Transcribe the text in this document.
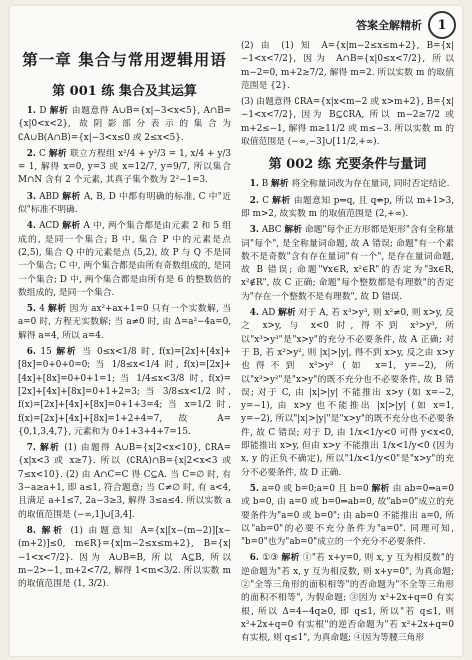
答案全解精析	1
第一章 集合与常用逻辑用语
第 001 练 集合及其运算

1. D 解析 由题意得 A∪B={x|−3<x<5}, A∩B={x|0<x<2}, 故阴影部分表示的集合为 ∁A∪B(A∩B)={x|−3<x≤0 或 2≤x<5}.

2. C 解析 联立方程组 x²/4 + y²/3 = 1, x/4 + y/3 = 1, 解得 x=0, y=3 或 x=12/7, y=9/7, 所以集合 M∩N 含有 2 个元素, 其真子集个数为 2²−1=3.

3. ABD 解析 A, B, D 中都有明确的标准, C 中"近似"标准不明确.

4. ACD 解析 A 中, 两个集合都是由元素 2 和 5 组成的, 是同一个集合; B 中, 集合 P 中的元素是点 (2,5), 集合 Q 中的元素是点 (5,2), 故 P 与 Q 不是同一个集合; C 中, 两个集合都是由所有奇数组成的, 是同一个集合; D 中, 两个集合都是由所有是 6 的整数倍的数组成的, 是同一个集合.

5. 4 解析 因为 ax²+ax+1=0 只有一个实数解, 当 a=0 时, 方程无实数解; 当 a≠0 时, 由 Δ=a²−4a=0, 解得 a=4, 所以 a=4.

6. 15 解析 当 0≤x<1/8 时, f(x)=[2x]+[4x]+[8x]=0+0+0=0; 当 1/8≤x<1/4 时, f(x)=[2x]+[4x]+[8x]=0+0+1=1; 当 1/4≤x<3/8 时, f(x)=[2x]+[4x]+[8x]=0+1+2=3; 当 3/8≤x<1/2 时, f(x)=[2x]+[4x]+[8x]=0+1+3=4; 当 x=1/2 时, f(x)=[2x]+[4x]+[8x]=1+2+4=7, 故 A={0,1,3,4,7}, 元素和为 0+1+3+4+7=15.

7. 解析 (1) 由题得 A∪B={x|2<x<10}, ∁RA={x|x<3 或 x≥7}. 所以 (∁RA)∩B={x|2<x<3 或 7≤x<10}. (2) 由 A∩C=C 得 C⊆A. 当 C=∅ 时, 有 3−a≥a+1, 即 a≤1, 符合题意; 当 C≠∅ 时, 有 a<4, 且满足 a+1≤7, 2a−3≥3, 解得 3≤a≤4. 所以实数 a 的取值范围是 (−∞,1]∪[3,4].

8. 解析 (1) 由题意知 A={x|[x−(m−2)][x−(m+2)]≤0, m∈R}={x|m−2≤x≤m+2}, B={x|−1<x<7/2}. 因为 A∪B=B, 所以 A⊆B, 所以 m−2>−1, m+2<7/2, 解得 1<m<3/2. 所以实数 m 的取值范围是 (1, 3/2).

(2) 由 (1) 知 A={x|m−2≤x≤m+2}, B={x|−1<x<7/2}, 因为 A∩B={x|0≤x<7/2}, 所以 m−2=0, m+2≥7/2, 解得 m=2. 所以实数 m 的取值范围是 {2}.

(3) 由题意得 ∁RA={x|x<m−2 或 x>m+2}, B={x|−1<x<7/2}, 因为 B⊆∁RA, 所以 m−2≥7/2 或 m+2≤−1, 解得 m≥11/2 或 m≤−3. 所以实数 m 的取值范围是 (−∞,−3]∪[11/2,+∞).

第 002 练 充要条件与量词

1. B 解析 将全称量词改为存在量词, 同时否定结论.

2. C 解析 由题意知 p⇒q, 且 q⇏p, 所以 m+1>3, 即 m>2, 故实数 m 的取值范围是 (2,+∞).

3. ABC 解析 命题"每个正方形都是矩形"含有全称量词"每个", 是全称量词命题, 故 A 错误; 命题"有一个素数不是奇数"含有存在量词"有一个", 是存在量词命题, 故 B 错误; 命题"∀x∈R, x²∈R"的否定为"∃x∈R, x²∉R", 故 C 正确; 命题"每个整数都是有理数"的否定为"存在一个整数不是有理数", 故 D 错误.

4. AD 解析 对于 A, 若 x³>y³, 则 x²≠0, 则 x>y, 反之 x>y, 与 x<0 时, 得不到 x³>y³, 所以"x³>y³"是"x>y"的充分不必要条件, 故 A 正确; 对于 B, 若 x²>y², 则 |x|>|y|, 得不到 x>y, 反之由 x>y 也得不到 x²>y² (如 x=1, y=−2), 所以"x²>y²"是"x>y"的既不充分也不必要条件, 故 B 错误; 对于 C, 由 |x|>|y| 不能推出 x>y (如 x=−2, y=−1), 由 x>y 也不能推出 |x|>|y| (如 x=1, y=−2), 所以"|x|>|y|"是"x>y"的既不充分也不必要条件, 故 C 错误; 对于 D, 由 1/x<1/y<0 可得 y<x<0, 即能推出 x>y, 但由 x>y 不能推出 1/x<1/y<0 (因为 x, y 的正负不确定), 所以"1/x<1/y<0"是"x>y"的充分不必要条件, 故 D 正确.

5. a=0 或 b=0;a=0 且 b=0 解析 由 ab=0⇒a=0 或 b=0, 由 a=0 或 b=0⇒ab=0, 故"ab=0"成立的充要条件为"a=0 或 b=0"; 由 ab=0 不能推出 a=0, 所以"ab=0"的必要不充分条件为"a=0". 同理可知, "b=0"也为"ab=0"成立的一个充分不必要条件.

6. ①③ 解析 ①"若 x+y=0, 则 x, y 互为相反数"的逆命题为"若 x, y 互为相反数, 则 x+y=0", 为真命题; ②"全等三角形的面积相等"的否命题为"不全等三角形的面积不相等", 为假命题; ③因为 x²+2x+q=0 有实根, 所以 Δ=4−4q≥0, 即 q≤1, 所以"若 q≤1, 则 x²+2x+q=0 有实根"的逆否命题为"若 x²+2x+q=0 有实根, 则 q≤1", 为真命题; ④因为等腰三角形
